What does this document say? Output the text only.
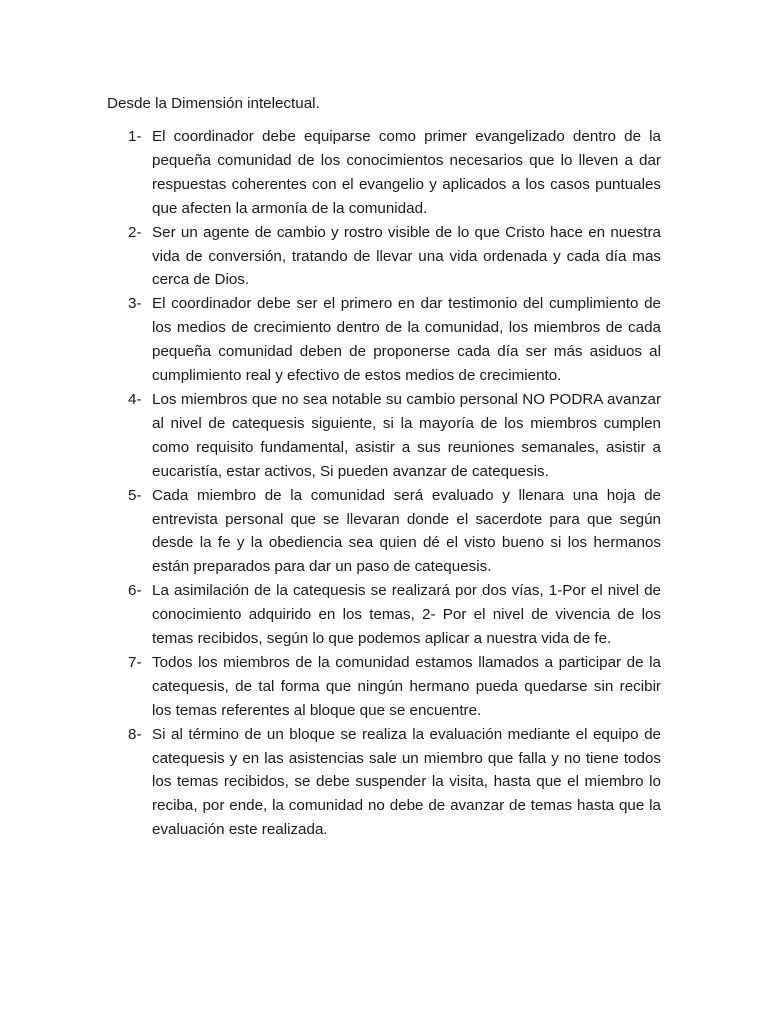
Desde la Dimensión intelectual.

1- El coordinador debe equiparse como primer evangelizado dentro de la pequeña comunidad de los conocimientos necesarios que lo lleven a dar respuestas coherentes con el evangelio y aplicados a los casos puntuales que afecten la armonía de la comunidad.
2- Ser un agente de cambio y rostro visible de lo que Cristo hace en nuestra vida de conversión, tratando de llevar una vida ordenada y cada día mas cerca de Dios.
3- El coordinador debe ser el primero en dar testimonio del cumplimiento de los medios de crecimiento dentro de la comunidad, los miembros de cada pequeña comunidad deben de proponerse cada día ser más asiduos al cumplimiento real y efectivo de estos medios de crecimiento.
4- Los miembros que no sea notable su cambio personal NO PODRA avanzar al nivel de catequesis siguiente, si la mayoría de los miembros cumplen como requisito fundamental, asistir a sus reuniones semanales, asistir a eucaristía, estar activos, Si pueden avanzar de catequesis.
5- Cada miembro de la comunidad será evaluado y llenara una hoja de entrevista personal que se llevaran donde el sacerdote para que según desde la fe y la obediencia sea quien dé el visto bueno si los hermanos están preparados para dar un paso de catequesis.
6- La asimilación de la catequesis se realizará por dos vías, 1-Por el nivel de conocimiento adquirido en los temas, 2- Por el nivel de vivencia de los temas recibidos, según lo que podemos aplicar a nuestra vida de fe.
7- Todos los miembros de la comunidad estamos llamados a participar de la catequesis, de tal forma que ningún hermano pueda quedarse sin recibir los temas referentes al bloque que se encuentre.
8- Si al término de un bloque se realiza la evaluación mediante el equipo de catequesis y en las asistencias sale un miembro que falla y no tiene todos los temas recibidos, se debe suspender la visita, hasta que el miembro lo reciba, por ende, la comunidad no debe de avanzar de temas hasta que la evaluación este realizada.
